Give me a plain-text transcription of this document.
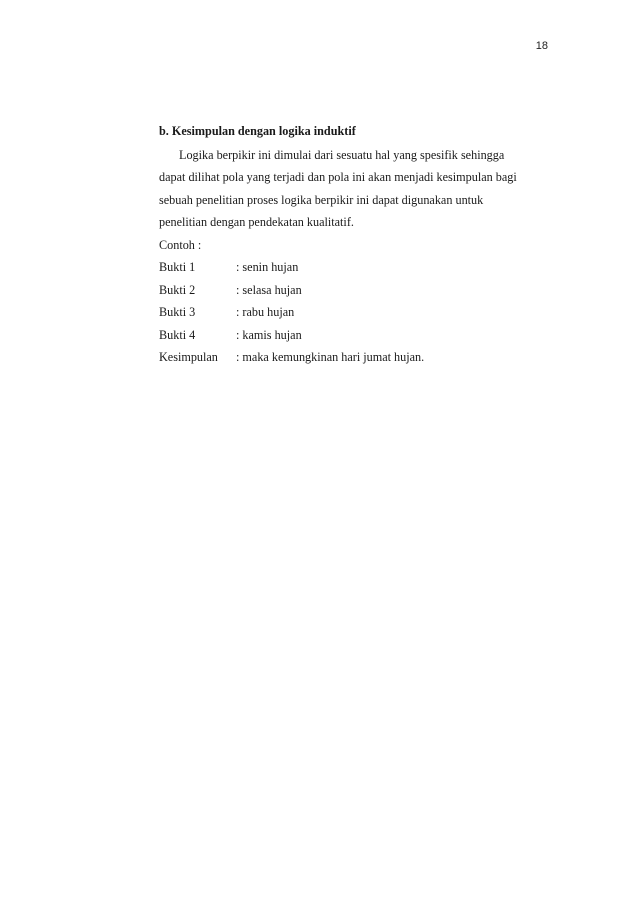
18

b. Kesimpulan dengan logika induktif

Logika berpikir ini dimulai dari sesuatu hal yang spesifik sehingga
dapat dilihat pola yang terjadi dan pola ini akan menjadi kesimpulan bagi
sebuah penelitian proses logika berpikir ini dapat digunakan untuk
penelitian dengan pendekatan kualitatif.

Contoh :

Bukti 1	: senin hujan
Bukti 2	: selasa hujan
Bukti 3	: rabu hujan
Bukti 4	: kamis hujan
Kesimpulan	: maka kemungkinan hari jumat hujan.
